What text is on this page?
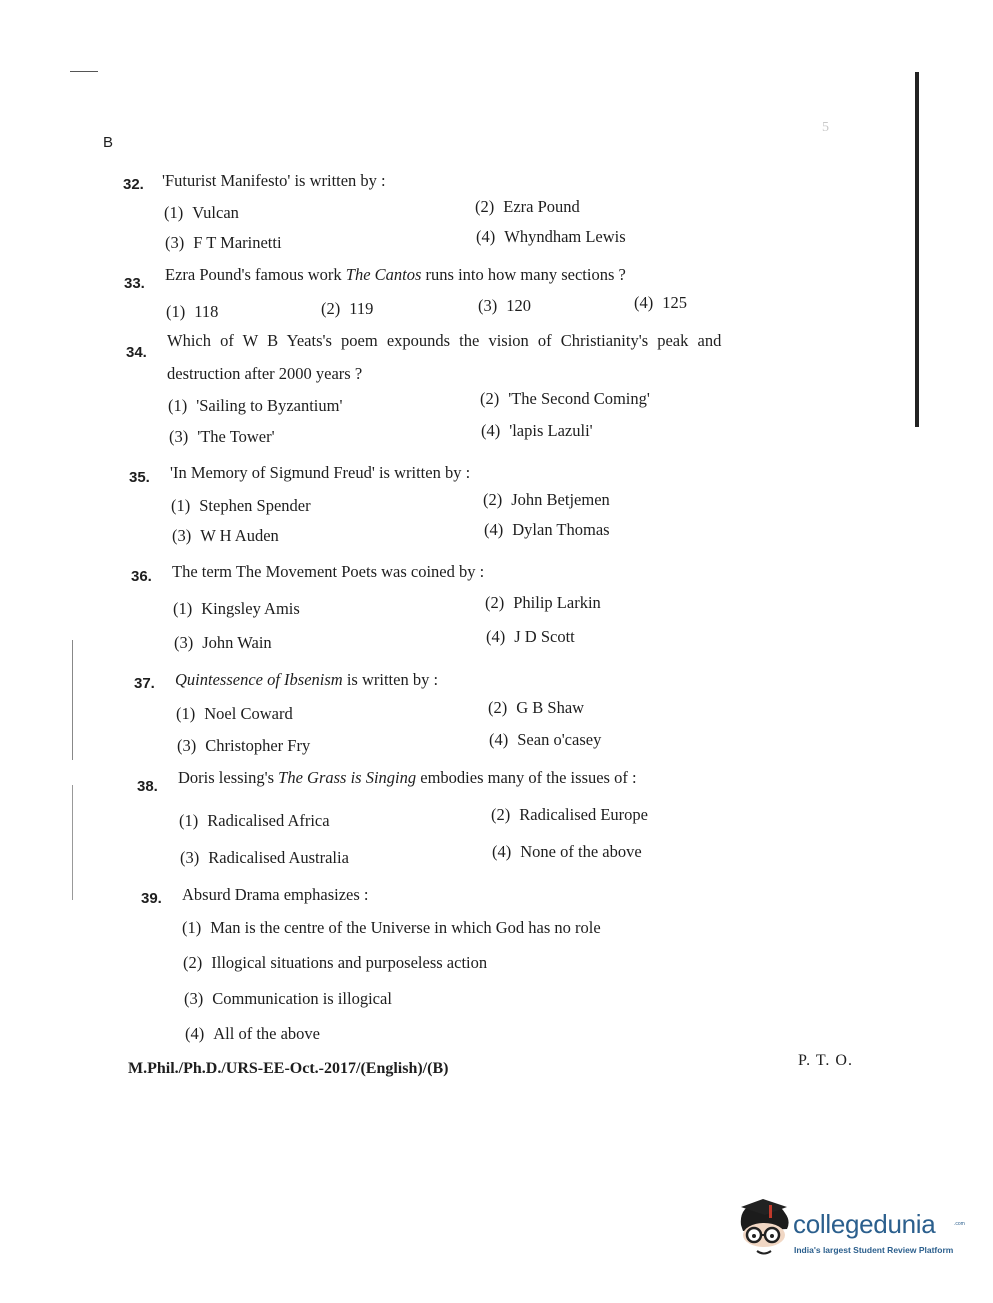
B
5
32. 'Futurist Manifesto' is written by :
(1) Vulcan	(2) Ezra Pound
(3) F T Marinetti	(4) Whyndham Lewis
33. Ezra Pound's famous work The Cantos runs into how many sections ?
(1) 118	(2) 119	(3) 120	(4) 125
34.
Which of W B Yeats's poem expounds the vision of Christianity's peak and
destruction after 2000 years ?
(1) 'Sailing to Byzantium'	(2) 'The Second Coming'
(3) 'The Tower'	(4) 'lapis Lazuli'
35. 'In Memory of Sigmund Freud' is written by :
(1) Stephen Spender	(2) John Betjemen
(3) W H Auden	(4) Dylan Thomas
36. The term The Movement Poets was coined by :
(1) Kingsley Amis	(2) Philip Larkin
(3) John Wain	(4) J D Scott
37. Quintessence of Ibsenism is written by :
(1) Noel Coward	(2) G B Shaw
(3) Christopher Fry	(4) Sean o'casey
38. Doris lessing's The Grass is Singing embodies many of the issues of :
(1) Radicalised Africa	(2) Radicalised Europe
(3) Radicalised Australia	(4) None of the above
39. Absurd Drama emphasizes :
(1) Man is the centre of the Universe in which God has no role
(2) Illogical situations and purposeless action
(3) Communication is illogical
(4) All of the above
M.Phil./Ph.D./URS-EE-Oct.-2017/(English)/(B)	P. T. O.
collegedunia	.com
India's largest Student Review Platform
